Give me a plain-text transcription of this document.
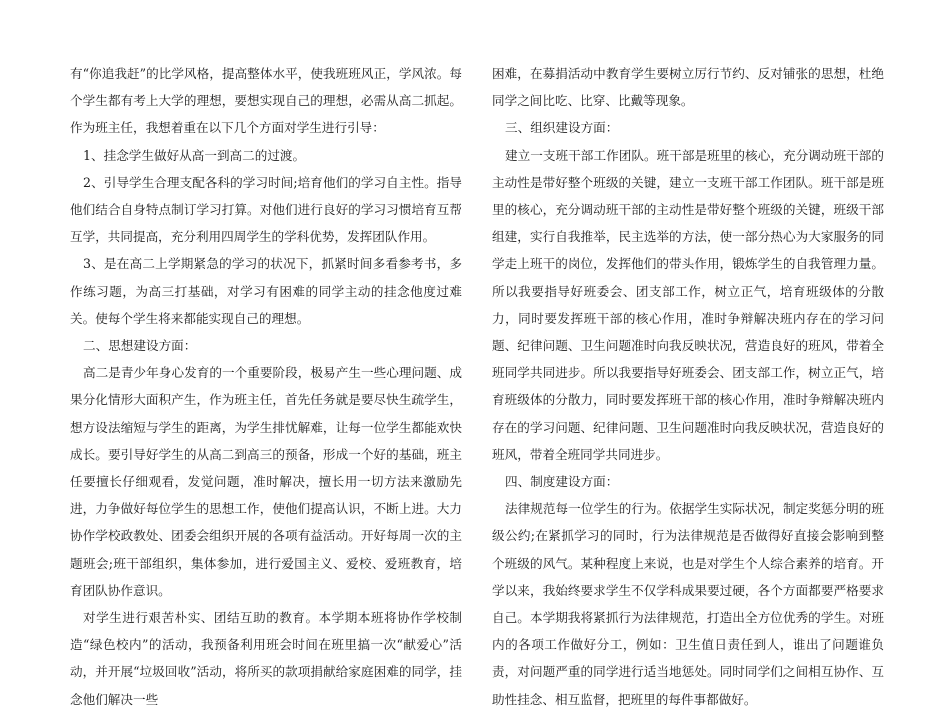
有“你追我赶”的比学风格，提高整体水平，使我班班风正，学风浓。每个学生都有考上大学的理想，要想实现自己的理想，必需从高二抓起。作为班主任，我想着重在以下几个方面对学生进行引导：

1、挂念学生做好从高一到高二的过渡。

2、引导学生合理支配各科的学习时间;培育他们的学习自主性。指导他们结合自身特点制订学习打算。对他们进行良好的学习习惯培育互帮互学，共同提高，充分利用四周学生的学科优势，发挥团队作用。

3、是在高二上学期紧急的学习的状况下，抓紧时间多看参考书，多作练习题，为高三打基础，对学习有困难的同学主动的挂念他度过难关。使每个学生将来都能实现自己的理想。

二、思想建设方面：

高二是青少年身心发育的一个重要阶段，极易产生一些心理问题、成果分化情形大面积产生，作为班主任，首先任务就是要尽快生疏学生，想方设法缩短与学生的距离，为学生排忧解难，让每一位学生都能欢快成长。要引导好学生的从高二到高三的预备，形成一个好的基础，班主任要擅长仔细观看，发觉问题，准时解决，擅长用一切方法来激励先进，力争做好每位学生的思想工作，使他们提高认识，不断上进。大力协作学校政教处、团委会组织开展的各项有益活动。开好每周一次的主题班会;班干部组织，集体参加，进行爱国主义、爱校、爱班教育，培育团队协作意识。

对学生进行艰苦朴实、团结互助的教育。本学期本班将协作学校制造“绿色校内”的活动，我预备利用班会时间在班里搞一次“献爱心”活动，并开展“垃圾回收”活动，将所买的款项捐献给家庭困难的同学，挂念他们解决一些

困难，在募捐活动中教育学生要树立厉行节约、反对铺张的思想，杜绝同学之间比吃、比穿、比戴等现象。

三、组织建设方面：

建立一支班干部工作团队。班干部是班里的核心，充分调动班干部的主动性是带好整个班级的关键，建立一支班干部工作团队。班干部是班里的核心，充分调动班干部的主动性是带好整个班级的关键，班级干部组建，实行自我推举，民主选举的方法，使一部分热心为大家服务的同学走上班干的岗位，发挥他们的带头作用，锻炼学生的自我管理力量。所以我要指导好班委会、团支部工作，树立正气，培育班级体的分散力，同时要发挥班干部的核心作用，准时争辩解决班内存在的学习问题、纪律问题、卫生问题准时向我反映状况，营造良好的班风，带着全班同学共同进步。所以我要指导好班委会、团支部工作，树立正气，培育班级体的分散力，同时要发挥班干部的核心作用，准时争辩解决班内存在的学习问题、纪律问题、卫生问题准时向我反映状况，营造良好的班风，带着全班同学共同进步。

四、制度建设方面：

法律规范每一位学生的行为。依据学生实际状况，制定奖惩分明的班级公约;在紧抓学习的同时，行为法律规范是否做得好直接会影响到整个班级的风气。某种程度上来说，也是对学生个人综合素养的培育。开学以来，我始终要求学生不仅学科成果要过硬，各个方面都要严格要求自己。本学期我将紧抓行为法律规范，打造出全方位优秀的学生。对班内的各项工作做好分工，例如：卫生值日责任到人，谁出了问题谁负责，对问题严重的同学进行适当地惩处。同时同学们之间相互协作、互助性挂念、相互监督，把班里的每件事都做好。
